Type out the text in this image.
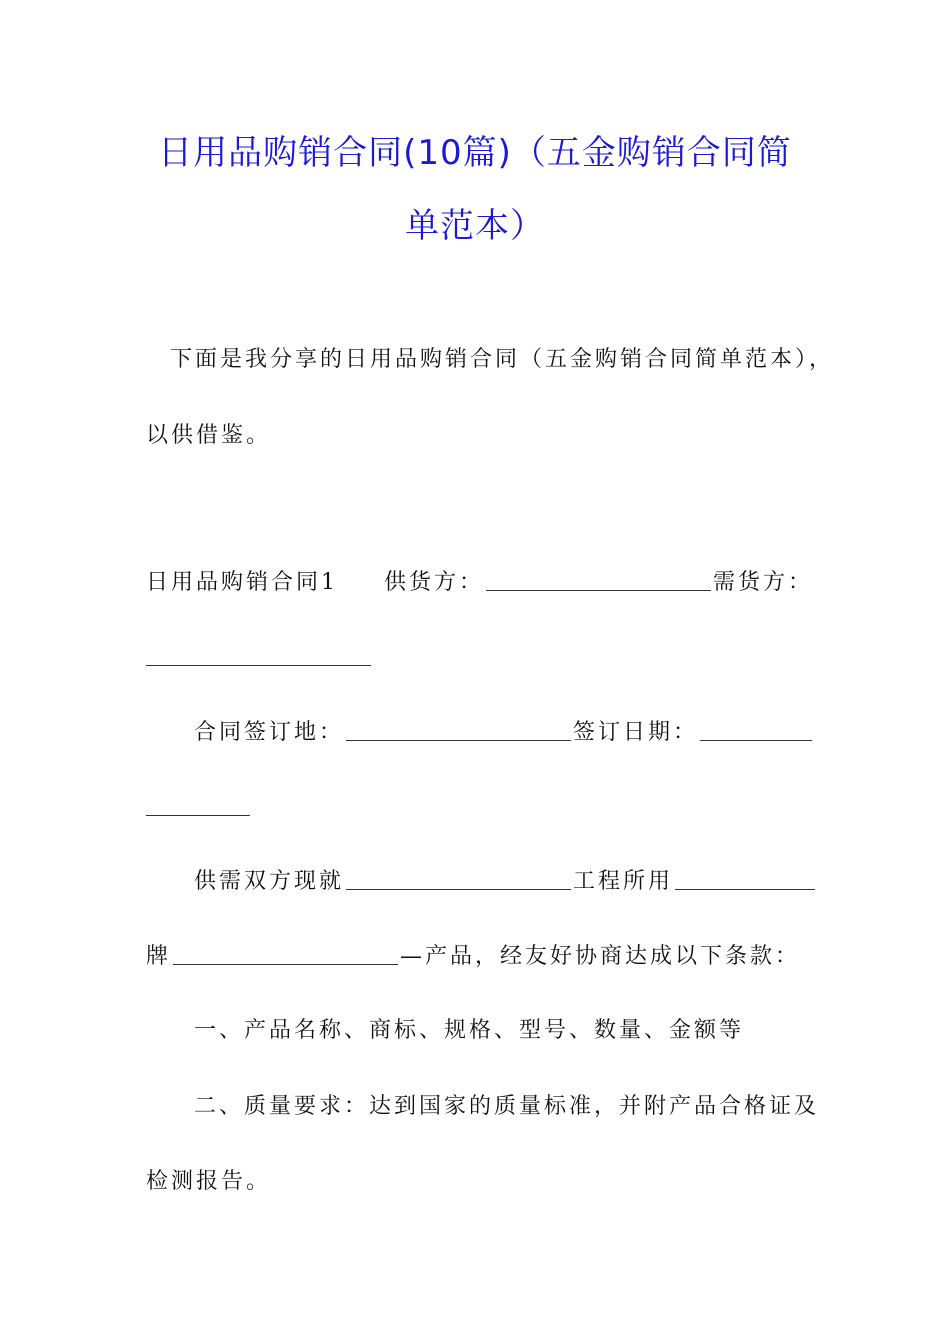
日用品购销合同(10篇)（五金购销合同简
单范本）
下面是我分享的日用品购销合同（五金购销合同简单范本），
以供借鉴。
日用品购销合同1 供货方：	需货方：
合同签订地：	签订日期：
供需双方现就	工程所用
牌	—产品，经友好协商达成以下条款：
一、产品名称、商标、规格、型号、数量、金额等
二、质量要求：达到国家的质量标准，并附产品合格证及
检测报告。
